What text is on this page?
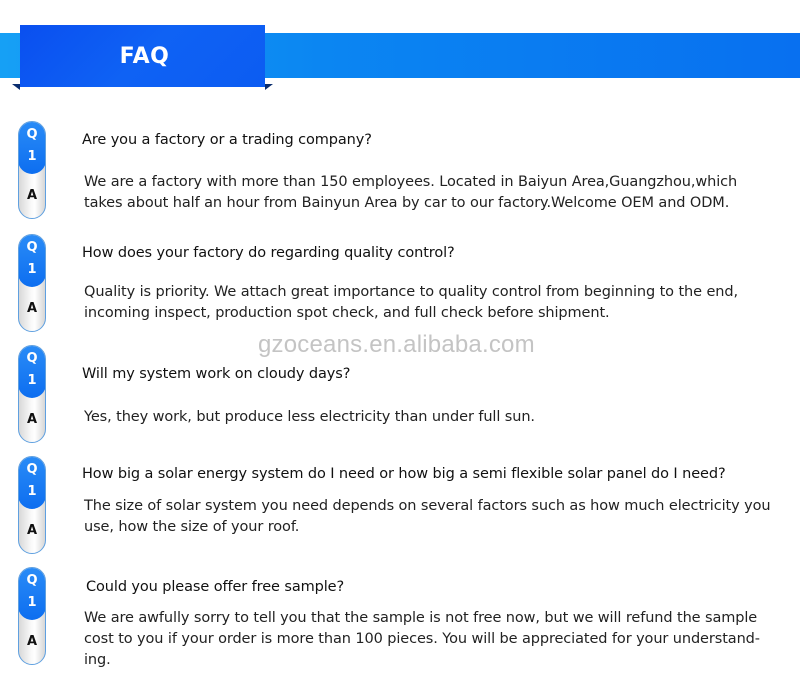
FAQ
Q
1
A
Are you a factory or a trading company?
We are a factory with more than 150 employees. Located in Baiyun Area,Guangzhou,which
takes about half an hour from Bainyun Area by car to our factory.Welcome OEM and ODM.
Q
1
A
How does your factory do regarding quality control?
Quality is priority. We attach great importance to quality control from beginning to the end,
incoming inspect, production spot check, and full check before shipment.
gzoceans.en.alibaba.com
Q
1
A
Will my system work on cloudy days?
Yes, they work, but produce less electricity than under full sun.
Q
1
A
How big a solar energy system do I need or how big a semi flexible solar panel do I need?
The size of solar system you need depends on several factors such as how much electricity you
use, how the size of your roof.
Q
1
A
Could you please offer free sample?
We are awfully sorry to tell you that the sample is not free now, but we will refund the sample
cost to you if your order is more than 100 pieces. You will be appreciated for your understand-
ing.
